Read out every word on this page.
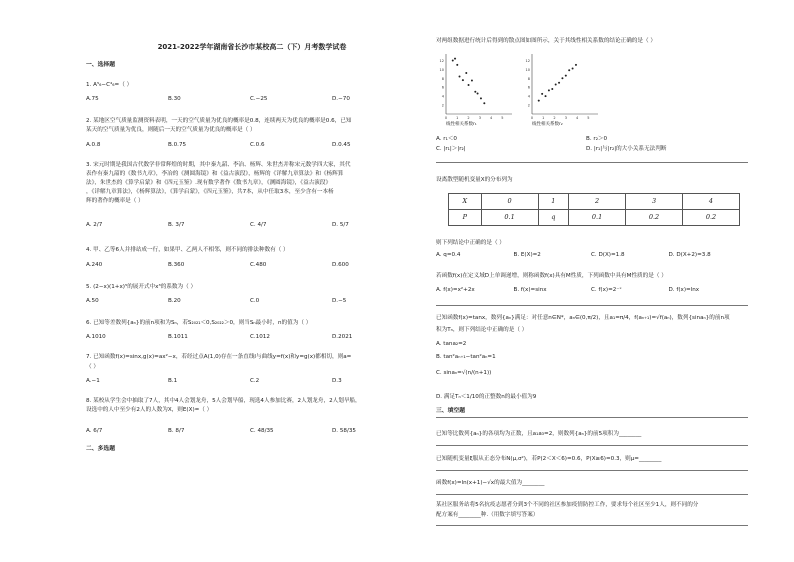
2021-2022学年湖南省长沙市某校高二（下）月考数学试卷
一、选择题
1. A⁵₆−C⁴₆=（ ）
A.75	B.30	C.−25	D.−70
2. 某地区空气质量监测资料表明，一天的空气质量为优良的概率是0.8，连续两天为优良的概率是0.6，已知
某天的空气质量为优良，则随后一天的空气质量为优良的概率是（ ）
A.0.8	B.0.75	C.0.6	D.0.45
3. 宋元时期是我国古代数学非常辉煌的时期，其中秦九韶、李冶、杨辉、朱世杰并称宋元数学四大家，其代
表作有秦九韶的《数书九章》，李冶的《测圆海镜》和《益古演段》，杨辉的《详解九章算法》和《杨辉算
法》，朱世杰的《算学启蒙》和《四元玉鉴》.现有数学著作《数书九章》，《测圆海镜》，《益古演段》
，《详解九章算法》，《杨辉算法》，《算学启蒙》，《四元玉鉴》，共7本，从中任取3本，至少含有一本杨
辉的著作的概率是（ ）
A. 2/7	B. 3/7	C. 4/7	D. 5/7
4. 甲、乙等6人并排站成一行，如果甲、乙两人不相邻，则不同的排法种数有（ ）
A.240	B.360	C.480	D.600
5. (2−x)(1+x)⁵的展开式中x³的系数为（ ）
A.50	B.20	C.0	D.−5
6. 已知等差数列{aₙ}的前n项和为Sₙ，若S₂₀₂₁＜0,S₂₀₂₂＞0，则当Sₙ最小时，n的值为（ ）
A.1010	B.1011	C.1012	D.2021
7. 已知函数f(x)=sinx,g(x)=ax²−x，若经过点A(1,0)存在一条直线l与曲线y=f(x)和y=g(x)都相切，则a=
（ ）
A.−1	B.1	C.2	D.3
8. 某校从学生会中抽取了7人，其中4人会划龙舟，5人会划旱船，现选4人参加比赛，2人划龙舟，2人划旱船，
设选中的人中至少有2人的人数为X，则E(X)=（ ）
A. 6/7	B. 8/7	C. 48/35	D. 58/35
二、多选题
对两组数据进行统计后得到的散点图如图所示，关于其线性相关系数的结论正确的是（ ）
12
10
8
6
4
2
0	1	2	3	4	5
线性相关系数r₁
12
10
8
6
4
2
0	1	2	3	4	5
线性相关系数r₂
A. r₁＜0	B. r₂＞0
C. |r₁|＞|r₂|	D. |r₁|与|r₂|的大小关系无法判断
设离散型随机变量X的分布列为
X	0	1	2	3	4
P	0.1	q	0.1	0.2	0.2
则下列结论中正确的是（ ）
A. q=0.4	B. E(X)=2	C. D(X)=1.8	D. D(X+2)=3.8
若函数f(x)在定义域D上单调递增，则称函数f(x)具有M性质，下列函数中具有M性质的是（ ）
A. f(x)=x²+2x	B. f(x)=sinx	C. f(x)=2⁻ˣ	D. f(x)=lnx
已知函数f(x)=tanx，数列{aₙ}满足：对任意n∈N*，aₙ∈(0,π/2)，且a₁=π/4，f(aₙ₊₁)=√f(aₙ)，数列{sinaₙ}的前n项
积为Tₙ，则下列结论中正确的是（ ）
A. tana₂=2
B. tan²aₙ₊₁−tan²aₙ=1
C. sinaₙ=√(n/(n+1))
D. 满足Tₙ＜1/10的正整数n的最小值为9
三、填空题
已知等比数列{aₙ}的各项均为正数，且a₁a₃=2，则数列{aₙ}的前5项积为________
已知随机变量ξ服从正态分布N(μ,σ²)，若P(2＜X＜6)=0.6，P(X≥6)=0.3，则μ=________
函数f(x)=ln(x+1)−√x的最大值为________
某社区服务站将5名抗疫志愿者分到3个不同的社区参加疫情防控工作，要求每个社区至少1人，则不同的分
配方案有________种.（用数字填写答案）
